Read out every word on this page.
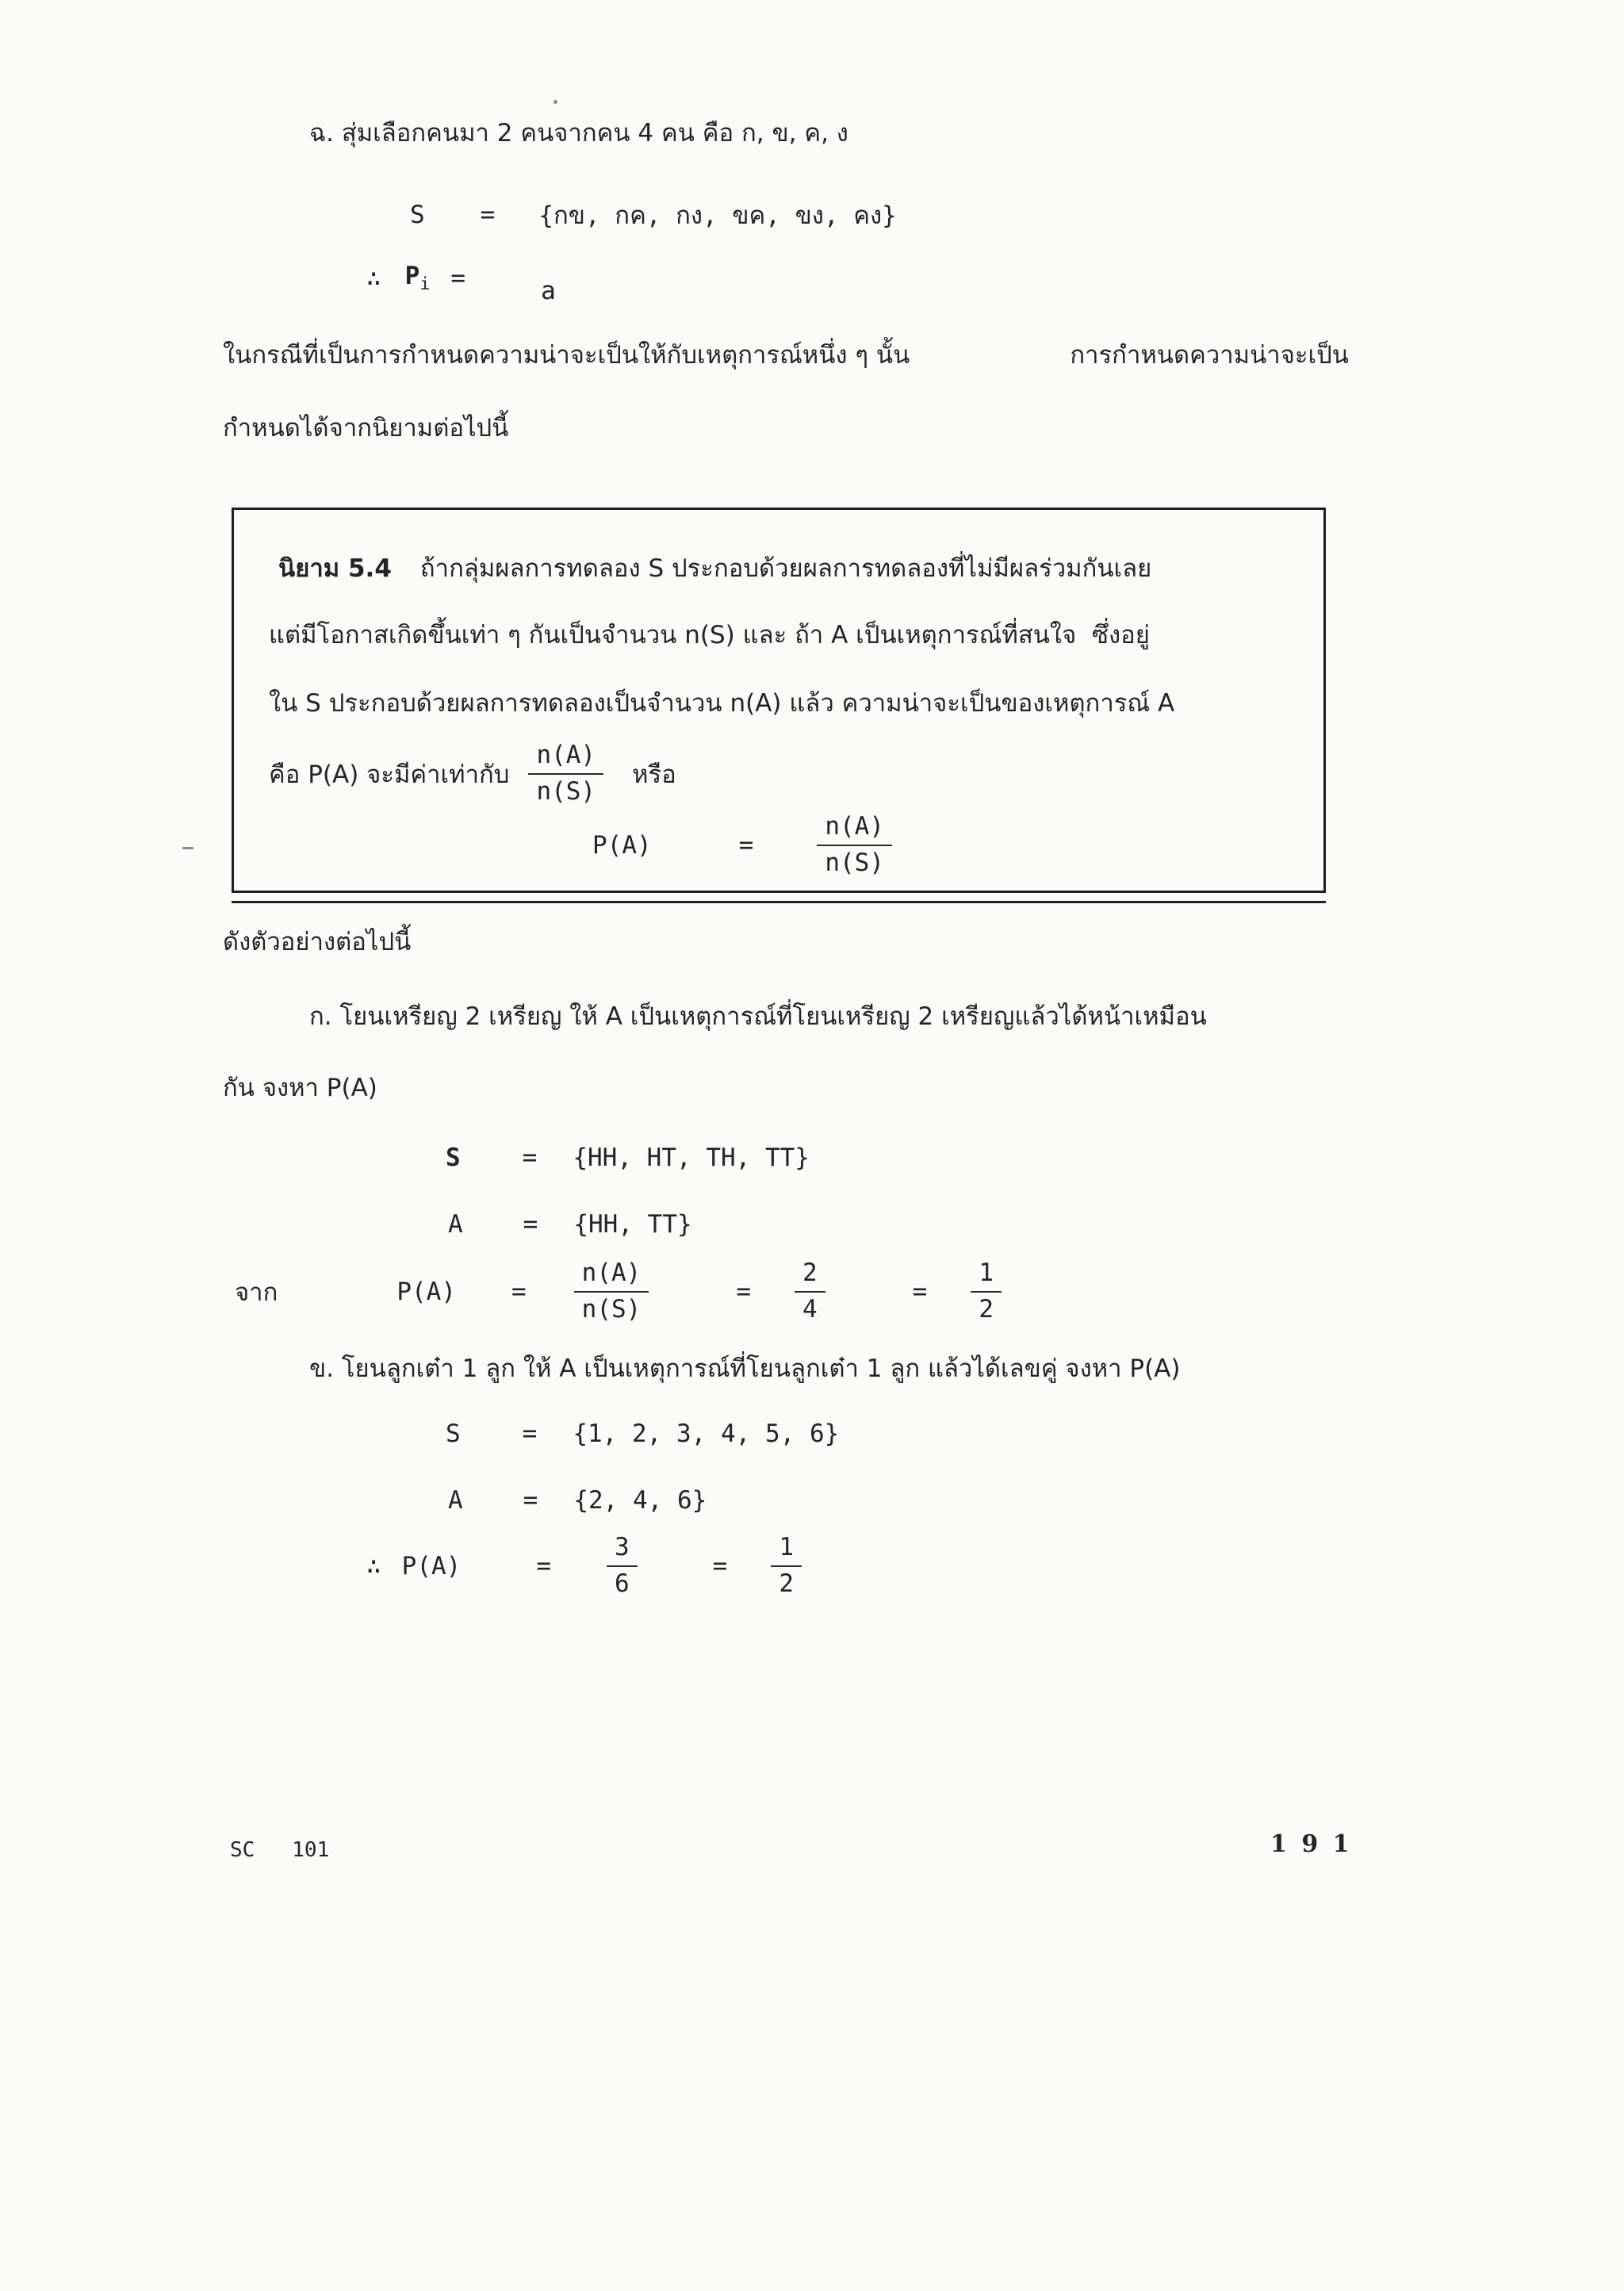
ฉ. สุ่มเลือกคนมา 2 คนจากคน 4 คน คือ ก, ข, ค, ง
S = {กข, กค, กง, ขค, ขง, คง}
∴ $P_i$ =	a
ในกรณีที่เป็นการกำหนดความน่าจะเป็นให้กับเหตุการณ์หนึ่ง ๆ นั้น	การกำหนดความน่าจะเป็น
กำหนดได้จากนิยามต่อไปนี้
นิยาม 5.4 ถ้ากลุ่มผลการทดลอง S ประกอบด้วยผลการทดลองที่ไม่มีผลร่วมกันเลย
แต่มีโอกาสเกิดขึ้นเท่า ๆ กันเป็นจำนวน n(S) และ ถ้า A เป็นเหตุการณ์ที่สนใจ  ซึ่งอยู่
ใน S ประกอบด้วยผลการทดลองเป็นจำนวน n(A) แล้ว ความน่าจะเป็นของเหตุการณ์ A
คือ P(A) จะมีค่าเท่ากับ $\frac{n(A)}{n(S)}$ หรือ
P(A)	=	$\frac{n(A)}{n(S)}$
ดังตัวอย่างต่อไปนี้
ก. โยนเหรียญ 2 เหรียญ ให้ A เป็นเหตุการณ์ที่โยนเหรียญ 2 เหรียญแล้วได้หน้าเหมือน
กัน จงหา P(A)
S	= {HH, HT, TH, TT}
A = {HH, TT}
จาก	$P(A) = \frac{n(A)}{n(S)}$	= $\frac{2}{4}$	= $\frac{1}{2}$
ข. โยนลูกเต๋า 1 ลูก ให้ A เป็นเหตุการณ์ที่โยนลูกเต๋า 1 ลูก แล้วได้เลขคู่ จงหา P(A)
S	= {1, 2, 3, 4, 5, 6}
A = {2, 4, 6}
∴ P(A)	= $\frac{3}{6}$	= $\frac{1}{2}$
SC   101	1 9 1
